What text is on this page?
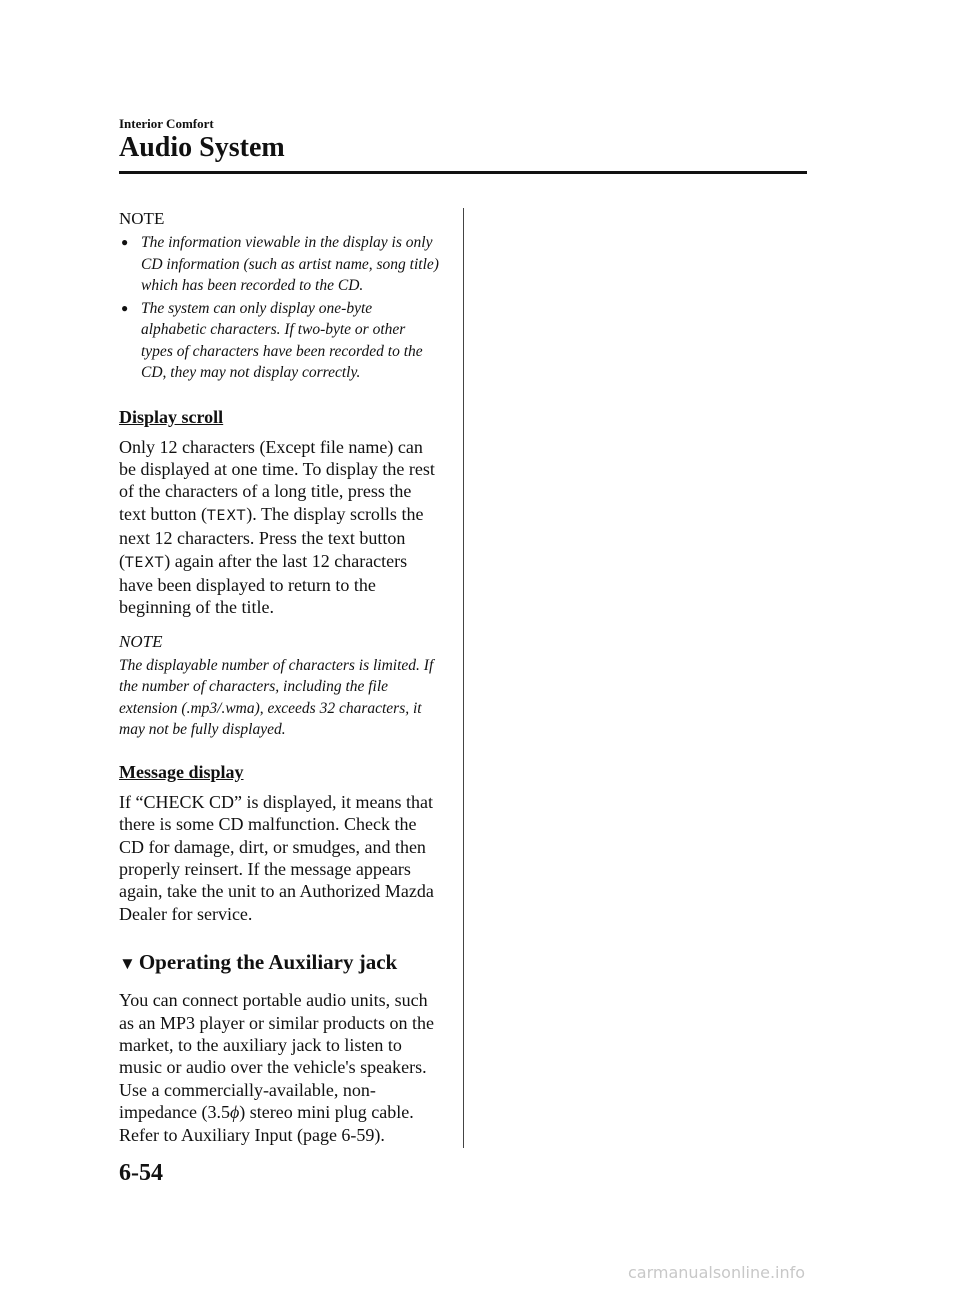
Interior Comfort
Audio System
NOTE
● The information viewable in the display is only CD information (such as artist name, song title) which has been recorded to the CD.
● The system can only display one-byte alphabetic characters. If two-byte or other types of characters have been recorded to the CD, they may not display correctly.
Display scroll

Only 12 characters (Except file name) can be displayed at one time. To display the rest of the characters of a long title, press the text button (TEXT). The display scrolls the next 12 characters. Press the text button (TEXT) again after the last 12 characters have been displayed to return to the beginning of the title.

NOTE

The displayable number of characters is limited. If the number of characters, including the file extension (.mp3/.wma), exceeds 32 characters, it may not be fully displayed.

Message display

If “CHECK CD” is displayed, it means that there is some CD malfunction. Check the CD for damage, dirt, or smudges, and then properly reinsert. If the message appears again, take the unit to an Authorized Mazda Dealer for service.

▼ Operating the Auxiliary jack

You can connect portable audio units, such as an MP3 player or similar products on the market, to the auxiliary jack to listen to music or audio over the vehicle's speakers. Use a commercially-available, non-impedance (3.5ϕ) stereo mini plug cable. Refer to Auxiliary Input (page 6-59).

6-54
carmanualsonline.info
